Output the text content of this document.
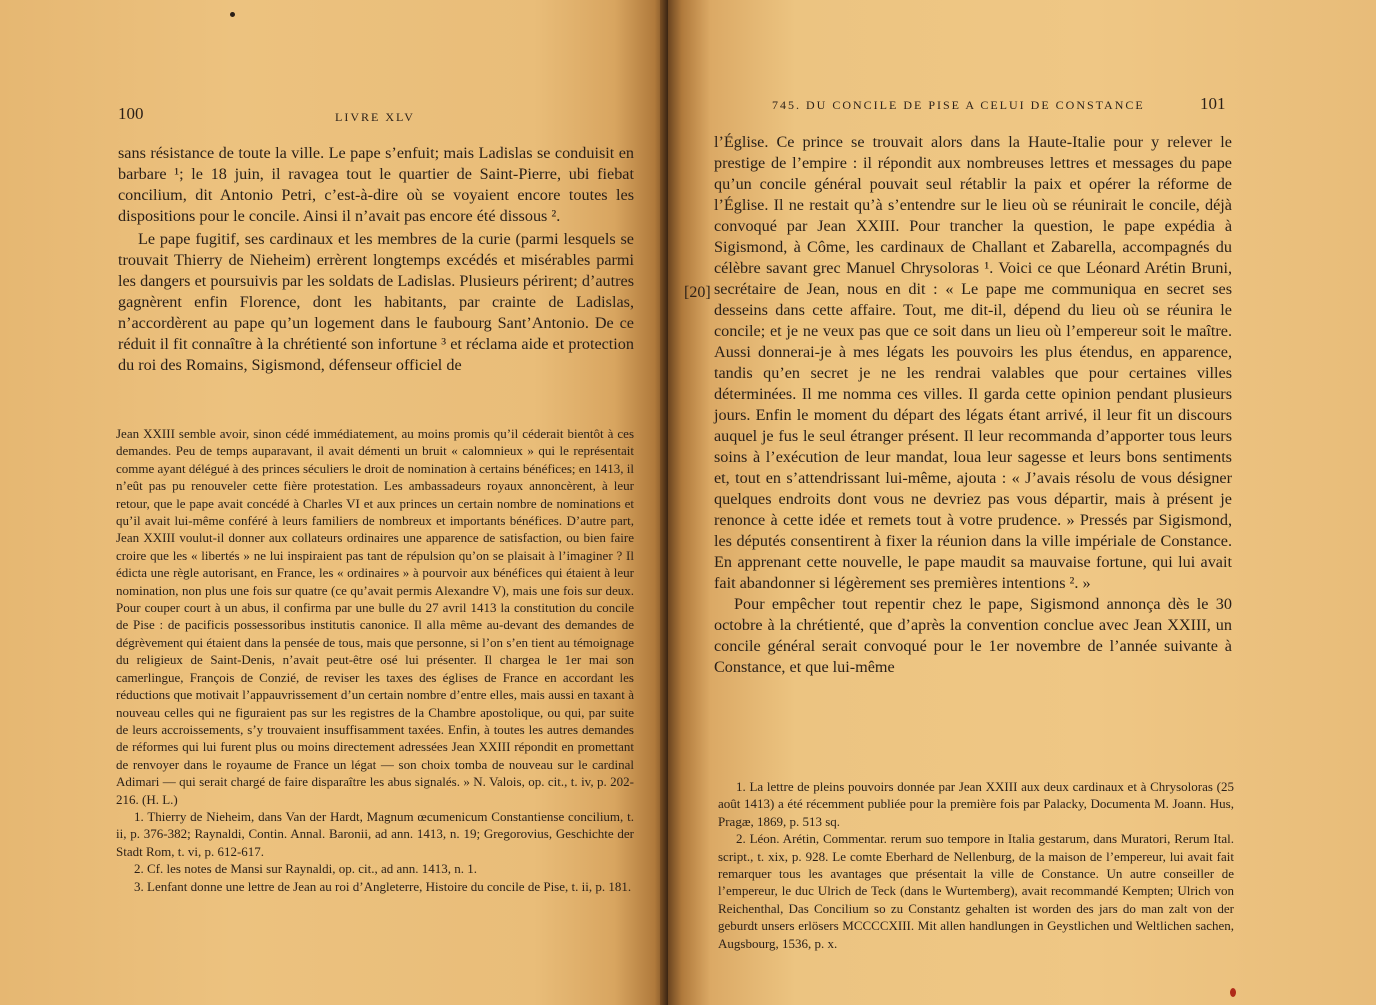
100	LIVRE XLV

sans résistance de toute la ville. Le pape s’enfuit; mais Ladislas se conduisit en barbare ¹; le 18 juin, il ravagea tout le quartier de Saint-Pierre, ubi fiebat concilium, dit Antonio Petri, c’est-à-dire où se voyaient encore toutes les dispositions pour le concile. Ainsi il n’avait pas encore été dissous ².

Le pape fugitif, ses cardinaux et les membres de la curie (parmi lesquels se trouvait Thierry de Nieheim) errèrent longtemps excédés et misérables parmi les dangers et poursuivis par les soldats de Ladislas. Plusieurs périrent; d’autres gagnèrent enfin Florence, dont les habitants, par crainte de Ladislas, n’accordèrent au pape qu’un logement dans le faubourg Sant’Antonio. De ce réduit il fit connaître à la chrétienté son infortune ³ et réclama aide et protection du roi des Romains, Sigismond, défenseur officiel de

Jean XXIII semble avoir, sinon cédé immédiatement, au moins promis qu’il céderait bientôt à ces demandes. Peu de temps auparavant, il avait démenti un bruit « calomnieux » qui le représentait comme ayant délégué à des princes séculiers le droit de nomination à certains bénéfices; en 1413, il n’eût pas pu renouveler cette fière protestation. Les ambassadeurs royaux annoncèrent, à leur retour, que le pape avait concédé à Charles VI et aux princes un certain nombre de nominations et qu’il avait lui-même conféré à leurs familiers de nombreux et importants bénéfices. D’autre part, Jean XXIII voulut-il donner aux collateurs ordinaires une apparence de satisfaction, ou bien faire croire que les « libertés » ne lui inspiraient pas tant de répulsion qu’on se plaisait à l’imaginer ? Il édicta une règle autorisant, en France, les « ordinaires » à pourvoir aux bénéfices qui étaient à leur nomination, non plus une fois sur quatre (ce qu’avait permis Alexandre V), mais une fois sur deux. Pour couper court à un abus, il confirma par une bulle du 27 avril 1413 la constitution du concile de Pise : de pacificis possessoribus institutis canonice. Il alla même au-devant des demandes de dégrèvement qui étaient dans la pensée de tous, mais que personne, si l’on s’en tient au témoignage du religieux de Saint-Denis, n’avait peut-être osé lui présenter. Il chargea le 1er mai son camerlingue, François de Conzié, de reviser les taxes des églises de France en accordant les réductions que motivait l’appauvrissement d’un certain nombre d’entre elles, mais aussi en taxant à nouveau celles qui ne figuraient pas sur les registres de la Chambre apostolique, ou qui, par suite de leurs accroissements, s’y trouvaient insuffisamment taxées. Enfin, à toutes les autres demandes de réformes qui lui furent plus ou moins directement adressées Jean XXIII répondit en promettant de renvoyer dans le royaume de France un légat — son choix tomba de nouveau sur le cardinal Adimari — qui serait chargé de faire disparaître les abus signalés. » N. Valois, op. cit., t. iv, p. 202-216. (H. L.)

1. Thierry de Nieheim, dans Van der Hardt, Magnum œcumenicum Constantiense concilium, t. ii, p. 376-382; Raynaldi, Contin. Annal. Baronii, ad ann. 1413, n. 19; Gregorovius, Geschichte der Stadt Rom, t. vi, p. 612-617.

2. Cf. les notes de Mansi sur Raynaldi, op. cit., ad ann. 1413, n. 1.

3. Lenfant donne une lettre de Jean au roi d’Angleterre, Histoire du concile de Pise, t. ii, p. 181.

745. DU CONCILE DE PISE A CELUI DE CONSTANCE	101
[20]

l’Église. Ce prince se trouvait alors dans la Haute-Italie pour y relever le prestige de l’empire : il répondit aux nombreuses lettres et messages du pape qu’un concile général pouvait seul rétablir la paix et opérer la réforme de l’Église. Il ne restait qu’à s’entendre sur le lieu où se réunirait le concile, déjà convoqué par Jean XXIII. Pour trancher la question, le pape expédia à Sigismond, à Côme, les cardinaux de Challant et Zabarella, accompagnés du célèbre savant grec Manuel Chrysoloras ¹. Voici ce que Léonard Arétin Bruni, secrétaire de Jean, nous en dit : « Le pape me communiqua en secret ses desseins dans cette affaire. Tout, me dit-il, dépend du lieu où se réunira le concile; et je ne veux pas que ce soit dans un lieu où l’empereur soit le maître. Aussi donnerai-je à mes légats les pouvoirs les plus étendus, en apparence, tandis qu’en secret je ne les rendrai valables que pour certaines villes déterminées. Il me nomma ces villes. Il garda cette opinion pendant plusieurs jours. Enfin le moment du départ des légats étant arrivé, il leur fit un discours auquel je fus le seul étranger présent. Il leur recommanda d’apporter tous leurs soins à l’exécution de leur mandat, loua leur sagesse et leurs bons sentiments et, tout en s’attendrissant lui-même, ajouta : « J’avais résolu de vous désigner quelques endroits dont vous ne devriez pas vous départir, mais à présent je renonce à cette idée et remets tout à votre prudence. » Pressés par Sigismond, les députés consentirent à fixer la réunion dans la ville impériale de Constance. En apprenant cette nouvelle, le pape maudit sa mauvaise fortune, qui lui avait fait abandonner si légèrement ses premières intentions ². »

Pour empêcher tout repentir chez le pape, Sigismond annonça dès le 30 octobre à la chrétienté, que d’après la convention conclue avec Jean XXIII, un concile général serait convoqué pour le 1er novembre de l’année suivante à Constance, et que lui-même

1. La lettre de pleins pouvoirs donnée par Jean XXIII aux deux cardinaux et à Chrysoloras (25 août 1413) a été récemment publiée pour la première fois par Palacky, Documenta M. Joann. Hus, Pragæ, 1869, p. 513 sq.

2. Léon. Arétin, Commentar. rerum suo tempore in Italia gestarum, dans Muratori, Rerum Ital. script., t. xix, p. 928. Le comte Eberhard de Nellenburg, de la maison de l’empereur, lui avait fait remarquer tous les avantages que présentait la ville de Constance. Un autre conseiller de l’empereur, le duc Ulrich de Teck (dans le Wurtemberg), avait recommandé Kempten; Ulrich von Reichenthal, Das Concilium so zu Constantz gehalten ist worden des jars do man zalt von der geburdt unsers erlösers MCCCCXIII. Mit allen handlungen in Geystlichen und Weltlichen sachen, Augsbourg, 1536, p. x.
